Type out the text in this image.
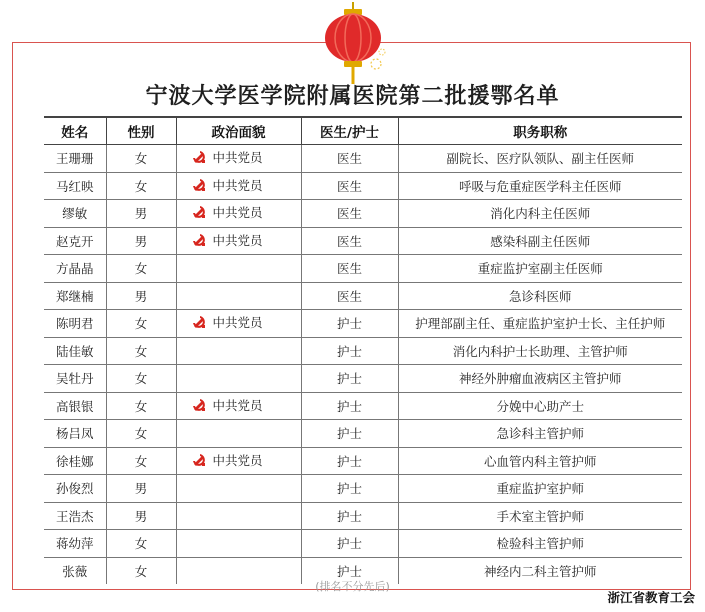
宁波大学医学院附属医院第二批援鄂名单
姓名	性别	政治面貌	医生/护士	职务职称
王珊珊	女	中共党员	医生	副院长、医疗队领队、副主任医师
马红映	女	中共党员	医生	呼吸与危重症医学科主任医师
缪敏	男	中共党员	医生	消化内科主任医师
赵克开	男	中共党员	医生	感染科副主任医师
方晶晶	女		医生	重症监护室副主任医师
郑继楠	男		医生	急诊科医师
陈明君	女	中共党员	护士	护理部副主任、重症监护室护士长、主任护师
陆佳敏	女		护士	消化内科护士长助理、主管护师
吴牡丹	女		护士	神经外肿瘤血液病区主管护师
高银银	女	中共党员	护士	分娩中心助产士
杨吕凤	女		护士	急诊科主管护师
徐桂娜	女	中共党员	护士	心血管内科主管护师
孙俊烈	男		护士	重症监护室护师
王浩杰	男		护士	手术室主管护师
蒋幼萍	女		护士	检验科主管护师
张薇	女		护士	神经内二科主管护师
(排名不分先后)
浙江省教育工会
